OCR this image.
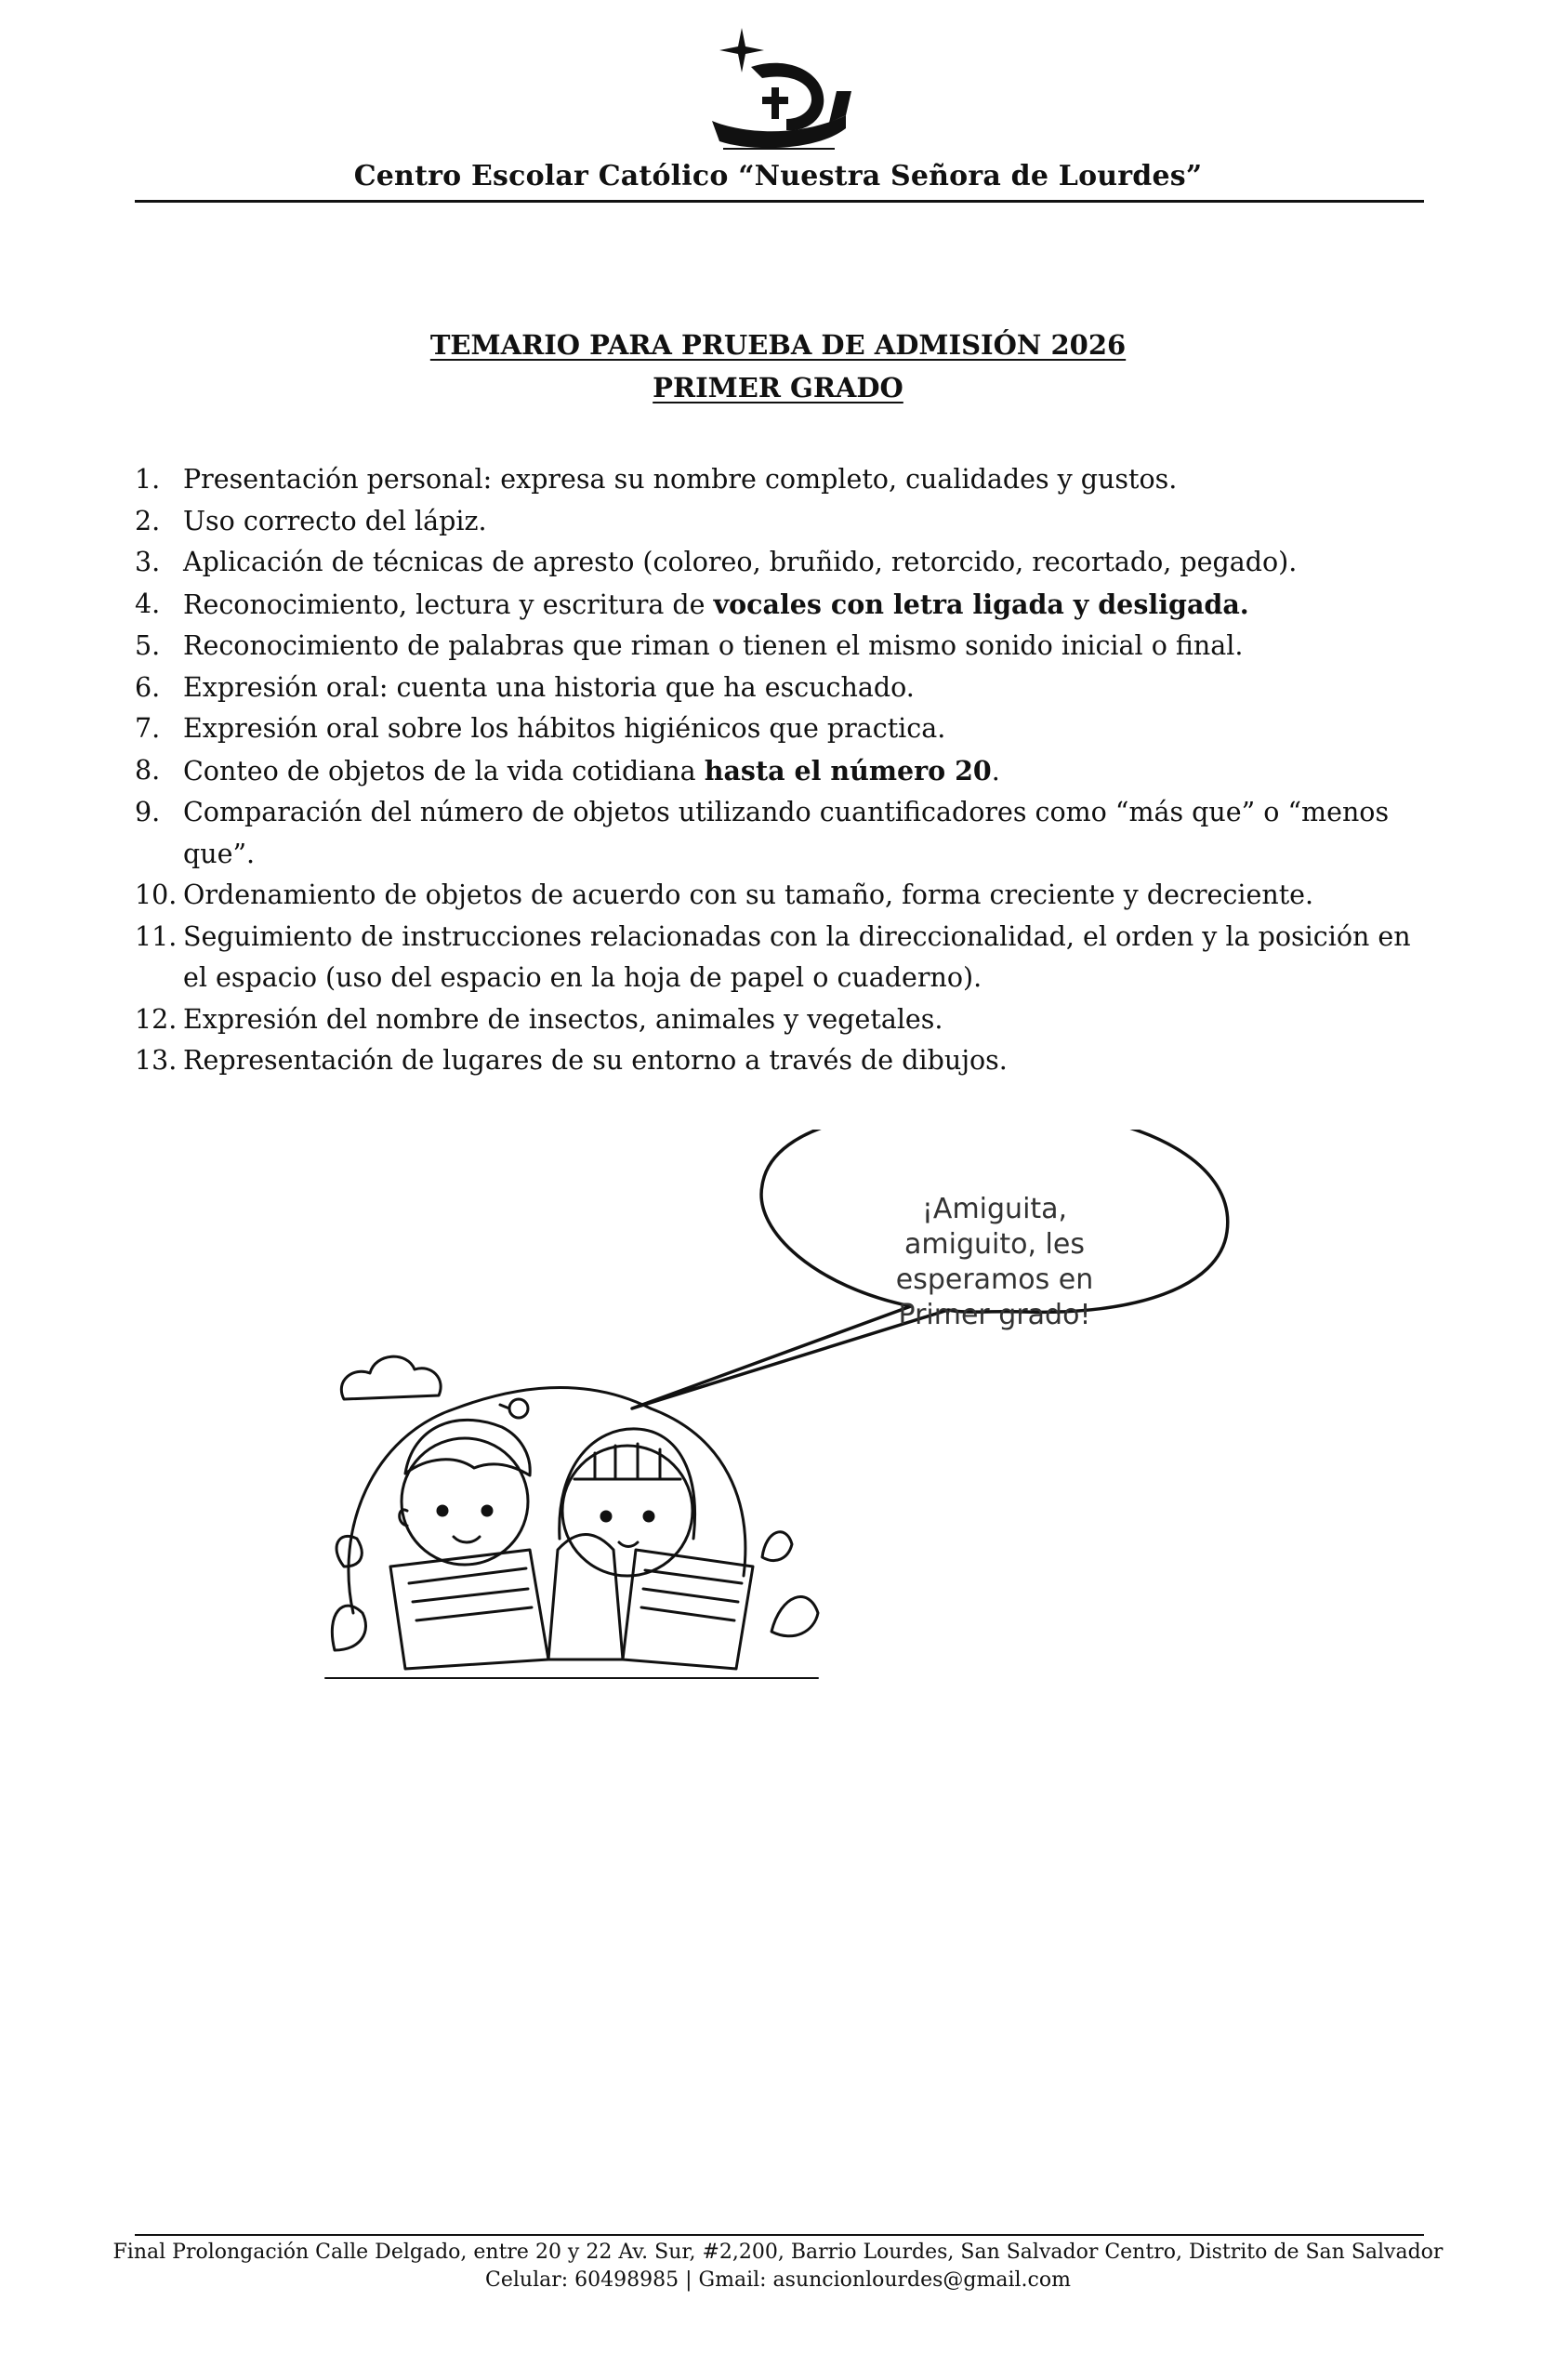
Centro Escolar Católico “Nuestra Señora de Lourdes”
TEMARIO PARA PRUEBA DE ADMISIÓN 2026
PRIMER GRADO
1. Presentación personal: expresa su nombre completo, cualidades y gustos.
2. Uso correcto del lápiz.
3. Aplicación de técnicas de apresto (coloreo, bruñido, retorcido, recortado, pegado).
4. Reconocimiento, lectura y escritura de vocales con letra ligada y desligada.
5. Reconocimiento de palabras que riman o tienen el mismo sonido inicial o final.
6. Expresión oral: cuenta una historia que ha escuchado.
7. Expresión oral sobre los hábitos higiénicos que practica.
8. Conteo de objetos de la vida cotidiana hasta el número 20.
9. Comparación del número de objetos utilizando cuantificadores como “más que” o “menos que”.
10. Ordenamiento de objetos de acuerdo con su tamaño, forma creciente y decreciente.
11. Seguimiento de instrucciones relacionadas con la direccionalidad, el orden y la posición en el espacio (uso del espacio en la hoja de papel o cuaderno).
12. Expresión del nombre de insectos, animales y vegetales.
13. Representación de lugares de su entorno a través de dibujos.
¡Amiguita,
amiguito, les
esperamos en
Primer grado!
Final Prolongación Calle Delgado, entre 20 y 22 Av. Sur, #2,200, Barrio Lourdes, San Salvador Centro, Distrito de San Salvador
Celular: 60498985 | Gmail: asuncionlourdes@gmail.com
